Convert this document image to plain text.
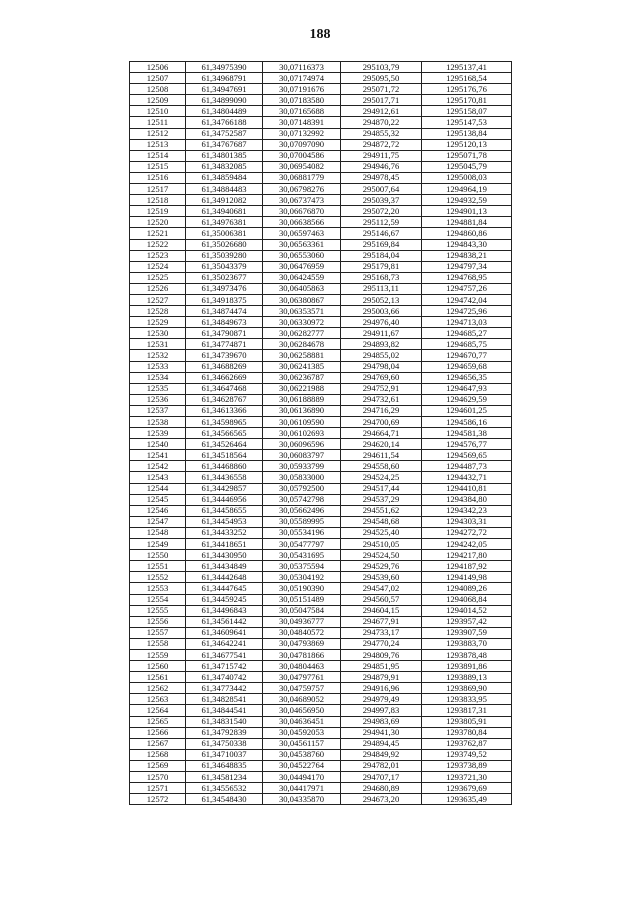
188
12506	61,34975390	30,07116373	295103,79	1295137,41
12507	61,34968791	30,07174974	295095,50	1295168,54
12508	61,34947691	30,07191676	295071,72	1295176,76
12509	61,34899090	30,07183580	295017,71	1295170,81
12510	61,34804489	30,07165688	294912,61	1295158,07
12511	61,34766188	30,07148391	294870,22	1295147,53
12512	61,34752587	30,07132992	294855,32	1295138,84
12513	61,34767687	30,07097090	294872,72	1295120,13
12514	61,34801385	30,07004586	294911,75	1295071,78
12515	61,34832085	30,06954082	294946,76	1295045,79
12516	61,34859484	30,06881779	294978,45	1295008,03
12517	61,34884483	30,06798276	295007,64	1294964,19
12518	61,34912082	30,06737473	295039,37	1294932,59
12519	61,34940681	30,06676870	295072,20	1294901,13
12520	61,34976381	30,06638566	295112,59	1294881,84
12521	61,35006381	30,06597463	295146,67	1294860,86
12522	61,35026680	30,06563361	295169,84	1294843,30
12523	61,35039280	30,06553060	295184,04	1294838,21
12524	61,35043379	30,06476959	295179,81	1294797,34
12525	61,35023677	30,06424559	295168,73	1294768,95
12526	61,34973476	30,06405863	295113,11	1294757,26
12527	61,34918375	30,06380867	295052,13	1294742,04
12528	61,34874474	30,06353571	295003,66	1294725,96
12529	61,34849673	30,06330972	294976,40	1294713,03
12530	61,34790871	30,06282777	294911,67	1294685,27
12531	61,34774871	30,06284678	294893,82	1294685,75
12532	61,34739670	30,06258881	294855,02	1294670,77
12533	61,34688269	30,06241385	294798,04	1294659,68
12534	61,34662669	30,06236787	294769,60	1294656,35
12535	61,34647468	30,06221988	294752,91	1294647,93
12536	61,34628767	30,06188889	294732,61	1294629,59
12537	61,34613366	30,06136890	294716,29	1294601,25
12538	61,34598965	30,06109590	294700,69	1294586,16
12539	61,34566565	30,06102693	294664,71	1294581,38
12540	61,34526464	30,06096596	294620,14	1294576,77
12541	61,34518564	30,06083797	294611,54	1294569,65
12542	61,34468860	30,05933799	294558,60	1294487,73
12543	61,34436558	30,05833000	294524,25	1294432,71
12544	61,34429857	30,05792500	294517,44	1294410,81
12545	61,34446956	30,05742798	294537,29	1294384,80
12546	61,34458655	30,05662496	294551,62	1294342,23
12547	61,34454953	30,05589995	294548,68	1294303,31
12548	61,34433252	30,05534196	294525,40	1294272,72
12549	61,34418651	30,05477797	294510,05	1294242,05
12550	61,34430950	30,05431695	294524,50	1294217,80
12551	61,34434849	30,05375594	294529,76	1294187,92
12552	61,34442648	30,05304192	294539,60	1294149,98
12553	61,34447645	30,05190390	294547,02	1294089,26
12554	61,34459245	30,05151489	294560,57	1294068,84
12555	61,34496843	30,05047584	294604,15	1294014,52
12556	61,34561442	30,04936777	294677,91	1293957,42
12557	61,34609641	30,04840572	294733,17	1293907,59
12558	61,34642241	30,04793869	294770,24	1293883,70
12559	61,34677541	30,04781866	294809,76	1293878,48
12560	61,34715742	30,04804463	294851,95	1293891,86
12561	61,34740742	30,04797761	294879,91	1293889,13
12562	61,34773442	30,04759757	294916,96	1293869,90
12563	61,34828541	30,04689052	294979,49	1293833,95
12564	61,34844541	30,04656950	294997,83	1293817,31
12565	61,34831540	30,04636451	294983,69	1293805,91
12566	61,34792839	30,04592053	294941,30	1293780,84
12567	61,34750338	30,04561157	294894,45	1293762,87
12568	61,34710037	30,04538760	294849,92	1293749,52
12569	61,34648835	30,04522764	294782,01	1293738,89
12570	61,34581234	30,04494170	294707,17	1293721,30
12571	61,34556532	30,04417971	294680,89	1293679,69
12572	61,34548430	30,04335870	294673,20	1293635,49
